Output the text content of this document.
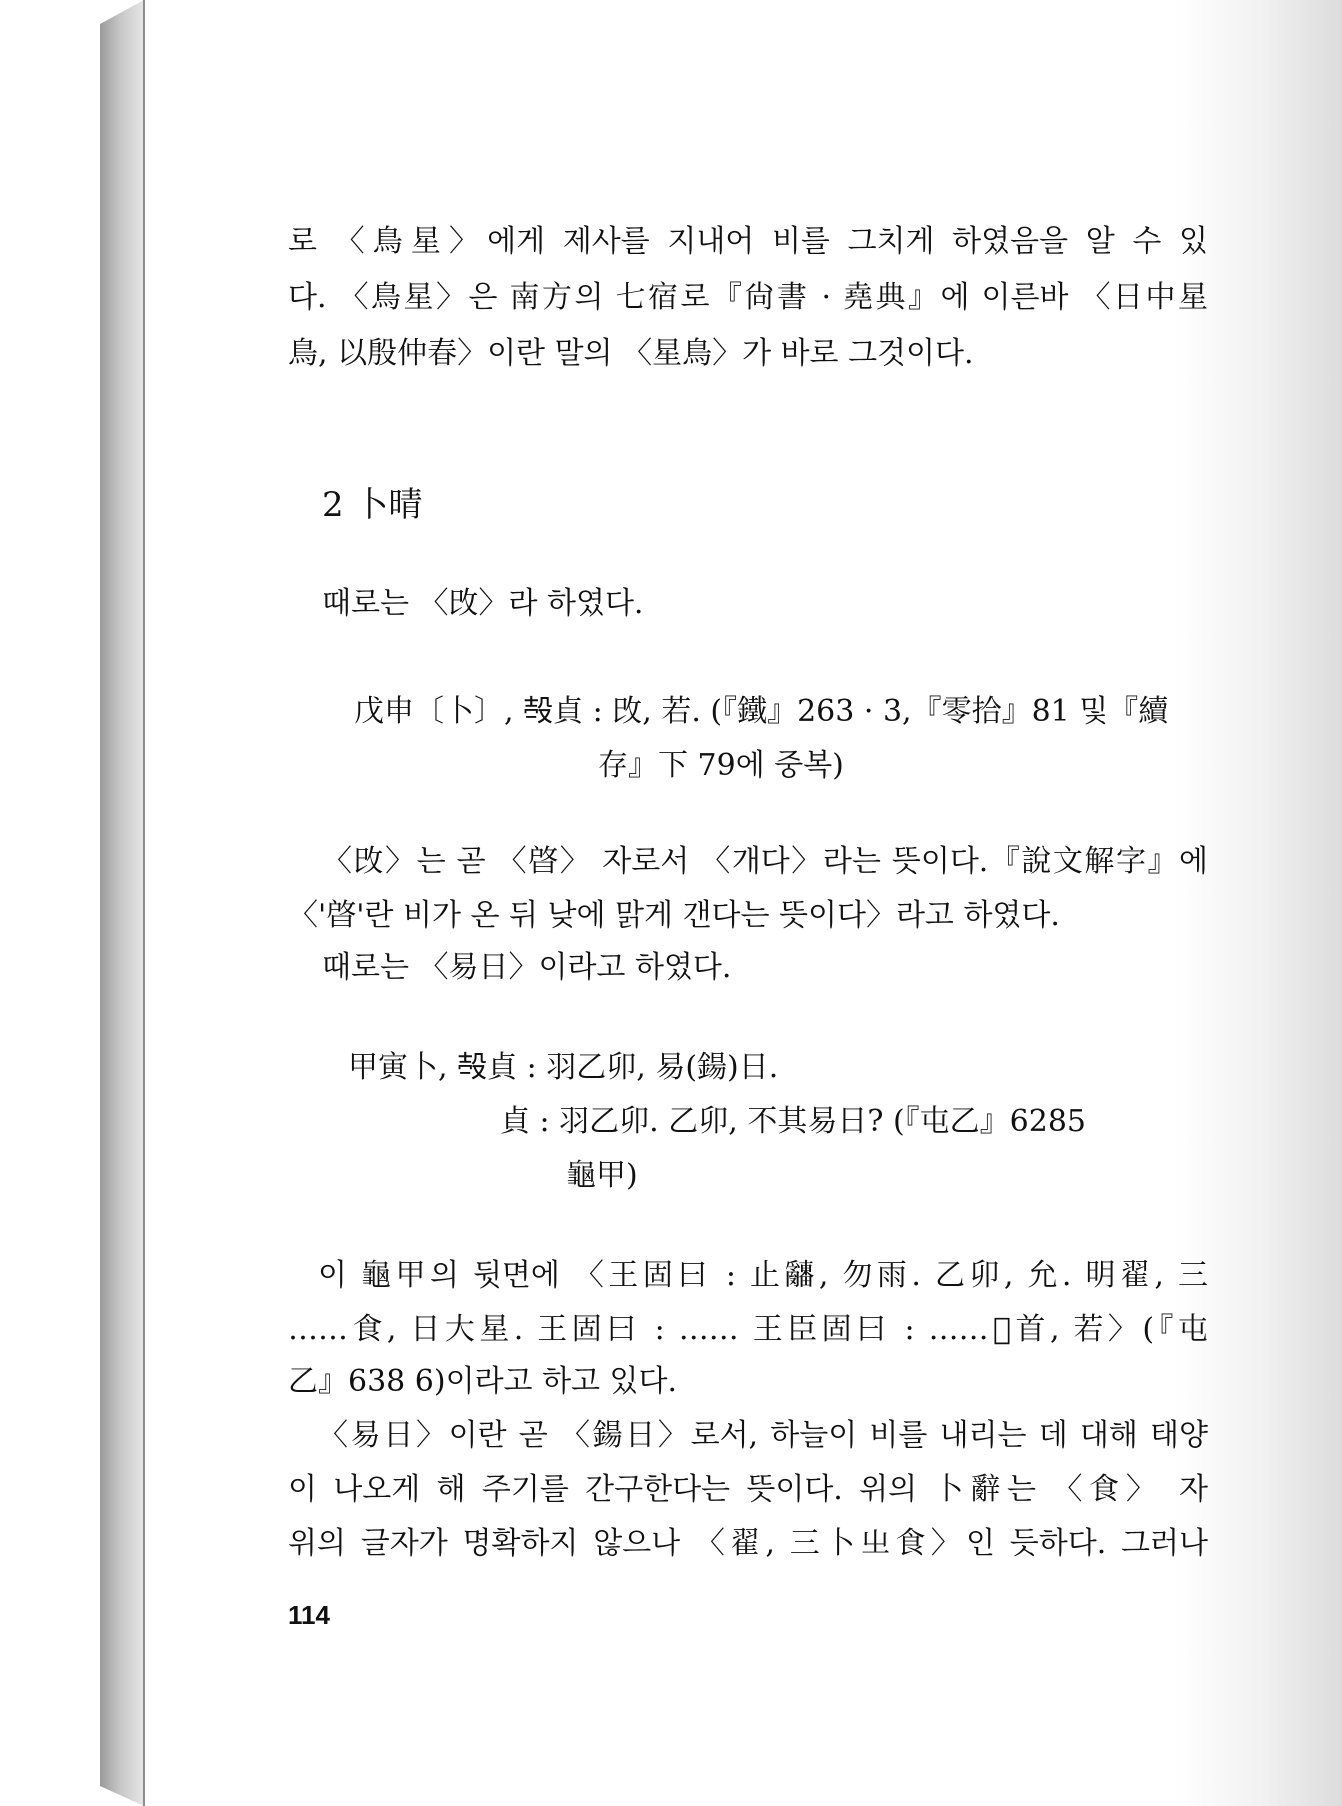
로 〈鳥星〉에게 제사를 지내어 비를 그치게 하였음을 알 수 있
다. 〈鳥星〉은 南方의 七宿로『尙書 · 堯典』에 이른바 〈日中星
鳥, 以殷仲春〉이란 말의 〈星鳥〉가 바로 그것이다.
2 卜晴
때로는 〈攺〉라 하였다.
戊申〔卜〕, 𣪊貞 : 攺, 若. (『鐵』263 · 3,『零拾』81 및『續
存』下 79에 중복)
〈攺〉는 곧 〈晵〉 자로서 〈개다〉라는 뜻이다.『說文解字』에
〈'晵'란 비가 온 뒤 낮에 맑게 갠다는 뜻이다〉라고 하였다.
때로는 〈易日〉이라고 하였다.
甲寅卜, 𣪊貞 : 羽乙卯, 易(鍚)日.
貞 : 羽乙卯. 乙卯, 不其易日? (『屯乙』6285
龜甲)
이 龜甲의 뒷면에 〈王固曰 : 止𤕌, 勿雨. 乙卯, 允. 明翟, 三
……食, 日大星. 王固曰 : …… 王臣固曰 : ……𡚖首, 若〉(『屯
乙』638 6)이라고 하고 있다.
〈易日〉이란 곧 〈鍚日〉로서, 하늘이 비를 내리는 데 대해 태양
이 나오게 해 주기를 간구한다는 뜻이다. 위의 卜辭는 〈食〉 자
위의 글자가 명확하지 않으나 〈翟, 三卜㞢食〉인 듯하다. 그러나
114
